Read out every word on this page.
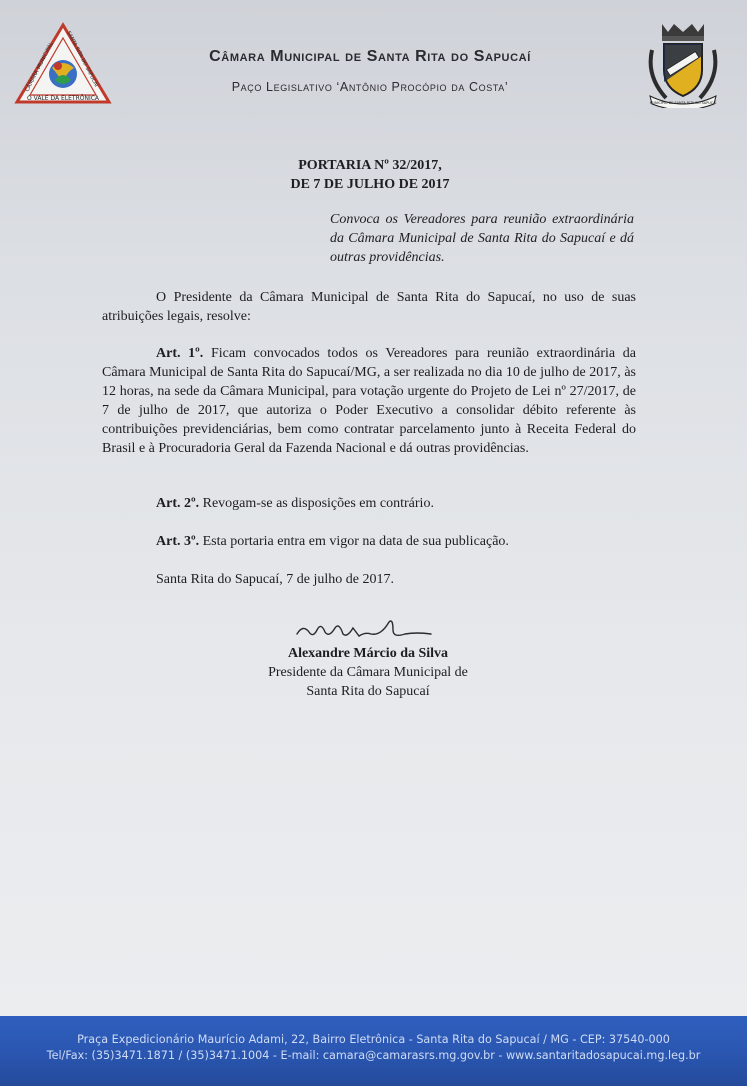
CÂMARA MUNICIPAL
SANTA RITA DO SAPUCAÍ
O VALE DA ELETRÔNICA
Câmara Municipal de Santa Rita do Sapucaí
Paço Legislativo ‘Antônio Procópio da Costa’
MUNICÍPIO DE SANTA RITA DO SAPUCAÍ
PORTARIA Nº 32/2017,
DE 7 DE JULHO DE 2017
Convoca os Vereadores para reunião extraordinária da Câmara Municipal de Santa Rita do Sapucaí e dá outras providências.
O Presidente da Câmara Municipal de Santa Rita do Sapucaí, no uso de suas atribuições legais, resolve:
Art. 1º. Ficam convocados todos os Vereadores para reunião extraordinária da Câmara Municipal de Santa Rita do Sapucaí/MG, a ser realizada no dia 10 de julho de 2017, às 12 horas, na sede da Câmara Municipal, para votação urgente do Projeto de Lei nº 27/2017, de 7 de julho de 2017, que autoriza o Poder Executivo a consolidar débito referente às contribuições previdenciárias, bem como contratar parcelamento junto à Receita Federal do Brasil e à Procuradoria Geral da Fazenda Nacional e dá outras providências.
Art. 2º. Revogam-se as disposições em contrário.
Art. 3º. Esta portaria entra em vigor na data de sua publicação.
Santa Rita do Sapucaí, 7 de julho de 2017.
Alexandre Márcio da Silva
Presidente da Câmara Municipal de
Santa Rita do Sapucaí
Praça Expedicionário Maurício Adami, 22, Bairro Eletrônica - Santa Rita do Sapucaí / MG - CEP: 37540-000
Tel/Fax: (35)3471.1871 / (35)3471.1004 - E-mail: camara@camarasrs.mg.gov.br - www.santaritadosapucai.mg.leg.br
